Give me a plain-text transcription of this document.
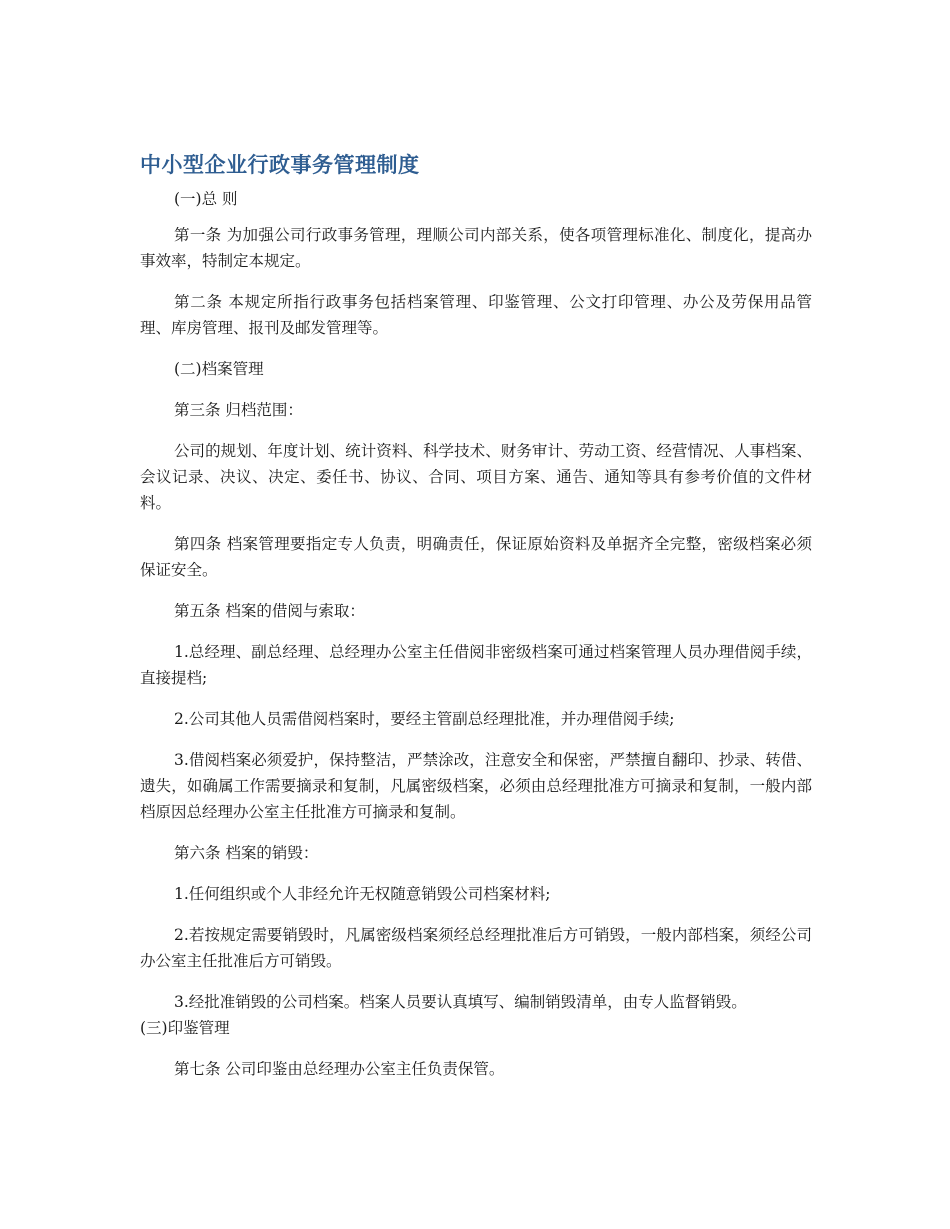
中小型企业行政事务管理制度

(一)总 则

第一条 为加强公司行政事务管理，理顺公司内部关系，使各项管理标准化、制度化，提高办事效率，特制定本规定。

第二条 本规定所指行政事务包括档案管理、印鉴管理、公文打印管理、办公及劳保用品管理、库房管理、报刊及邮发管理等。

(二)档案管理

第三条 归档范围：

公司的规划、年度计划、统计资料、科学技术、财务审计、劳动工资、经营情况、人事档案、会议记录、决议、决定、委任书、协议、合同、项目方案、通告、通知等具有参考价值的文件材料。

第四条 档案管理要指定专人负责，明确责任，保证原始资料及单据齐全完整，密级档案必须保证安全。

第五条 档案的借阅与索取：

1.总经理、副总经理、总经理办公室主任借阅非密级档案可通过档案管理人员办理借阅手续，直接提档;

2.公司其他人员需借阅档案时，要经主管副总经理批准，并办理借阅手续;

3.借阅档案必须爱护，保持整洁，严禁涂改，注意安全和保密，严禁擅自翻印、抄录、转借、遗失，如确属工作需要摘录和复制，凡属密级档案，必须由总经理批准方可摘录和复制，一般内部档原因总经理办公室主任批准方可摘录和复制。

第六条 档案的销毁：

1.任何组织或个人非经允许无权随意销毁公司档案材料;

2.若按规定需要销毁时，凡属密级档案须经总经理批准后方可销毁，一般内部档案，须经公司办公室主任批准后方可销毁。

3.经批准销毁的公司档案。档案人员要认真填写、编制销毁清单，由专人监督销毁。

(三)印鉴管理

第七条 公司印鉴由总经理办公室主任负责保管。
